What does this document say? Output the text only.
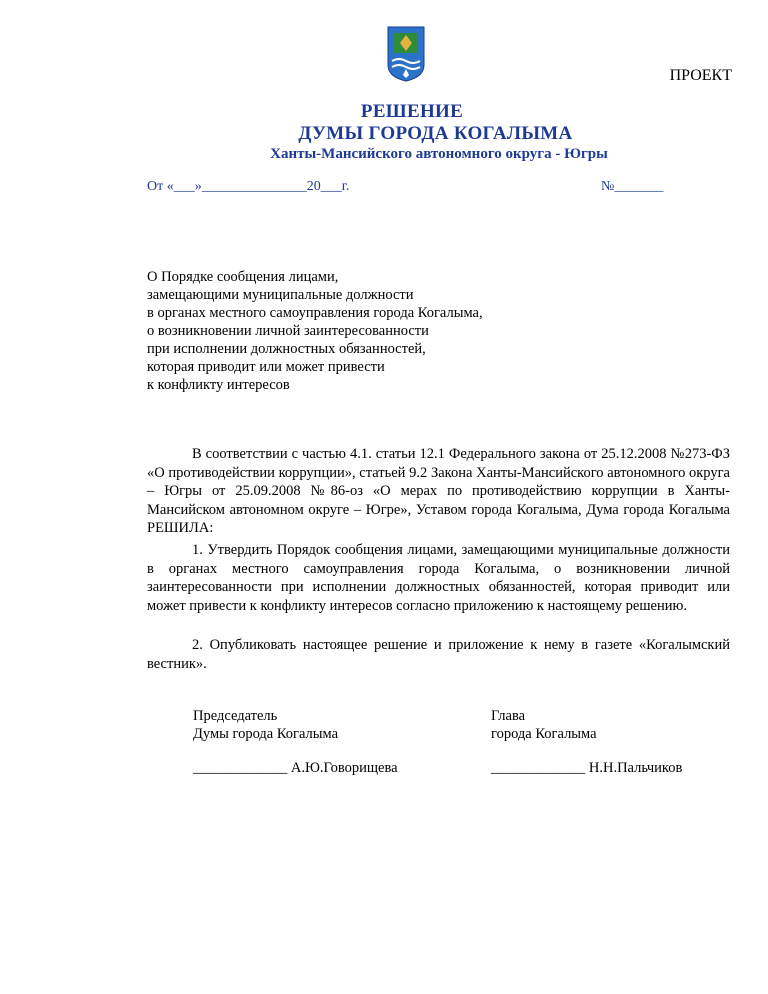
ПРОЕКТ
РЕШЕНИЕ
ДУМЫ ГОРОДА КОГАЛЫМА
Ханты-Мансийского автономного округа - Югры
От «___»_______________20___г.	№_______
О Порядке сообщения лицами,
замещающими муниципальные должности
в органах местного самоуправления города Когалыма,
о возникновении личной заинтересованности
при исполнении должностных обязанностей,
которая приводит или может привести
к конфликту интересов
В соответствии с частью 4.1. статьи 12.1 Федерального закона от 25.12.2008 №273-ФЗ «О противодействии коррупции», статьей 9.2 Закона Ханты-Мансийского автономного округа – Югры от 25.09.2008 №86-оз «О мерах по противодействию коррупции в Ханты-Мансийском автономном округе – Югре», Уставом города Когалыма, Дума города Когалыма РЕШИЛА:
1. Утвердить Порядок сообщения лицами, замещающими муниципальные должности в органах местного самоуправления города Когалыма, о возникновении личной заинтересованности при исполнении должностных обязанностей, которая приводит или может привести к конфликту интересов согласно приложению к настоящему решению.
2. Опубликовать настоящее решение и приложение к нему в газете «Когалымский вестник».
Председатель
Думы города Когалыма
Глава
города Когалыма
_____________ А.Ю.Говорищева	_____________ Н.Н.Пальчиков
